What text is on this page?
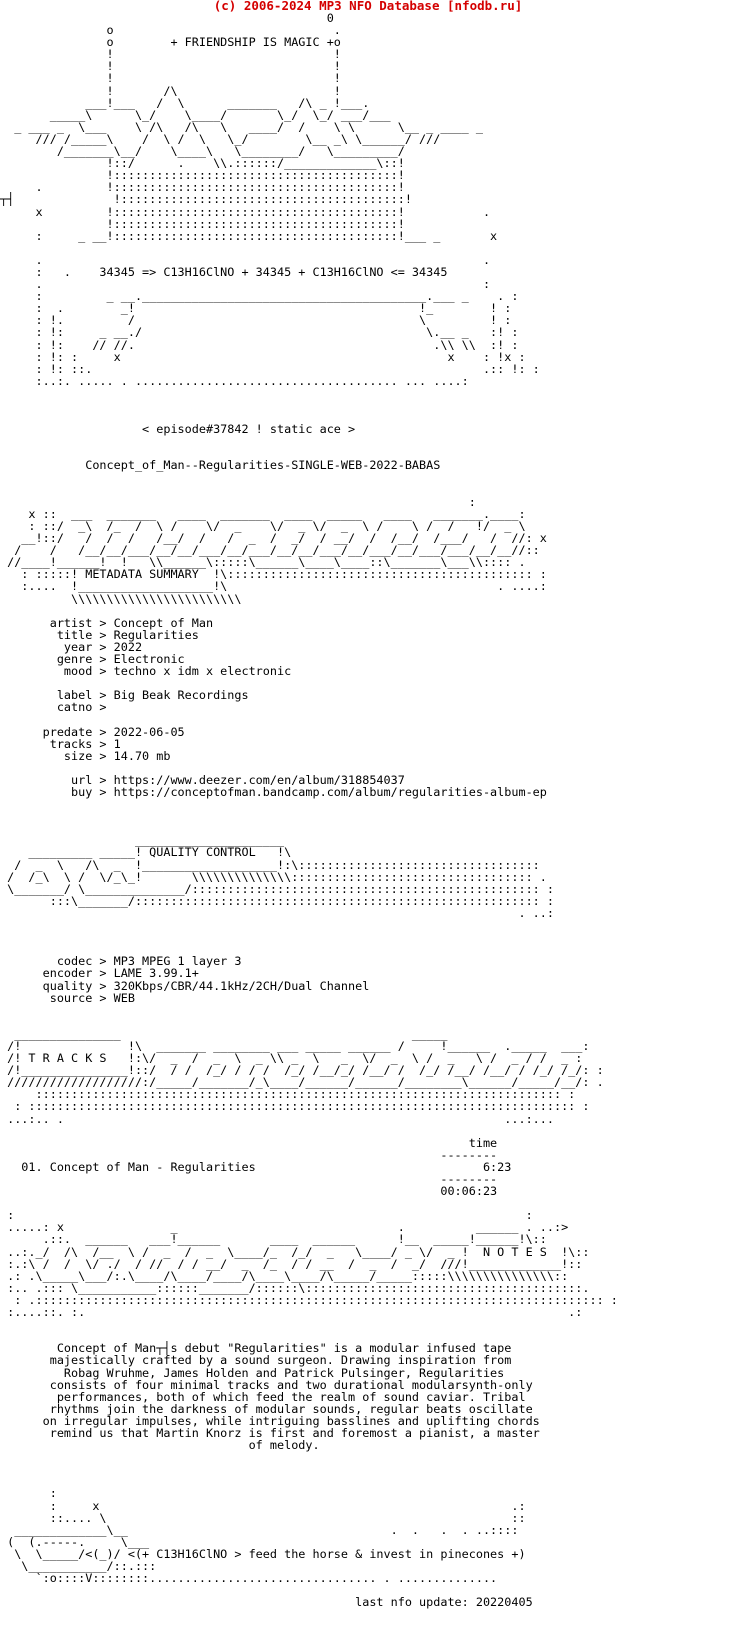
(c) 2006-2024 MP3 NFO Database [nfodb.ru]
0
o                               .
o        + FRIENDSHIP IS MAGIC +o
!                               !
!                               !
!                               !
!       /\                      !
___!___   /  \      _______   /\ _ !___.
_____\      \_/    \____/       \_/  \_/ ___/___
_ ___ _  \___    \ /\   /\   \   ____/  /    \ \      \__ _ ____ _
/// /_____\    /  \ /  \   \_/        \__ _\ \______/ ///
/_______\__/    \____\   \________/   \_________/
!::/      .    \\.::::::/_____________\::!
!::::::::::::::::::::::::::::::::::::::::!
.         !::::::::::::::::::::::::::::::::::::::::!
┬┤              !::::::::::::::::::::::::::::::::::::::::!
x         !::::::::::::::::::::::::::::::::::::::::!           .
!::::::::::::::::::::::::::::::::::::::::!
:     _ __!::::::::::::::::::::::::::::::::::::::::!___ _       x

.                                                              .
:   .    34345 => C13H16ClNO + 34345 + C13H16ClNO <= 34345
.                                                              :
:         _ __.________________________________________.___ _    . :
:  .        _!                                        !_        ! :
: !.         /                                        \         ! :
: !:     _ __./                                        \.__ _   :! :
: !:    // //.                                          .\\ \\  :! :
: !: :     x                                              x    : !x :
: !: ::.                                                       .:: !: :
:..:. ..... . ..................................... ... ....:

< episode#37842 ! static ace >

Concept_of_Man--Regularities-SINGLE-WEB-2022-BABAS

:
x ::  ___  _______   ____  _______  ____  _____   ____   _______.____:
: ::/  _\  /_  /  \ /    \/  _    \/  _ \/  _  \ /    \ /  /   !/  _ \
__!::/   /  /  /   /__/  /   /  _  /  _/  / __/  /  /__/  /___/   /  //: x
/    /   /__/__/___/__/__/___/__/___/__/__/___/__/___/__/___/___/__/__//::
//____!______!  !   \\______\:::::\______\____\____::\_______\___\\:::: .
: :::::! METADATA SUMMARY  !\::::::::::::::::::::::::::::::::::::::::::: :
:....  !___________________!\                                      . ....:
\\\\\\\\\\\\\\\\\\\\\\\\

artist > Concept of Man
title > Regularities
year > 2022
genre > Electronic
mood > techno x idm x electronic

label > Big Beak Recordings
catno >

predate > 2022-06-05
tracks > 1
size > 14.70 mb

url > https://www.deezer.com/en/album/318854037
buy > https://conceptofman.bandcamp.com/album/regularities-album-ep

_____________________
_________ _____! QUALITY CONTROL   !\
/  _  \   /\  _  !___________________!:\::::::::::::::::::::::::::::::::::
/  /_\  \ /  \/_\_!       \\\\\\\\\\\\\\:::::::::::::::::::::::::::::::::: .
\_______/ \______________/::::::::::::::::::::::::::::::::::::::::::::::::: :
:::\_______/::::::::::::::::::::::::::::::::::::::::::::::::::::::::: :
. ..:

codec > MP3 MPEG 1 layer 3
encoder > LAME 3.99.1+
quality > 320Kbps/CBR/44.1kHz/2CH/Dual Channel
source > WEB

_______________                                         _____
/!               !\  _______ ________ ___ _____ ______ /     !______  ._____  ___:
/! T R A C K S   !:\/  _  /  _  \  _ \\ _  \   _  \/  _  \ /  _   \ /  _ / /  _ :
/!_______________!::/  / /  /_/ / / /  /_/ /__/_/ /__/ /  /_/ /__/ /__/ / /_/ /_/: :
///////////////////:/_____/_______/_\____/______/______/________\______/_____/__/: .
:::::::::::::::::::::::::::::::::::::::::::::::::::::::::::::::::::::::::: :
: ::::::::::::::::::::::::::::::::::::::::::::::::::::::::::::::::::::::::::::: :
...:.. .                                                              ...:...

time
--------
01. Concept of Man - Regularities                                6:23
--------
00:06:23

:                                                                        :
.....: x               _                               .          ______ . ..:>
.::.  ______   ___!______       ____  ______      !__  _____!______!\::
..:._/  /\  /__  \ /  _  /  _  \____/_  /_/  _   \____/ _ \/  _ !  N O T E S  !\::
:.:\ /  /  \/ ./  / //  / / __/  _  /_  / / __  /  _  /  _/  ///!_____________!::
.: .\_____\___/:.\____/\____/____/\____\____/\_____/_____:::::\\\\\\\\\\\\\\\::
:.. .::: \___________::::::_______/::::::\:::::::::::::::::::::::::::::::::::::::.
: .:::::::::::::::::::::::::::::::::::::::::::::::::::::::::::::::::::::::::::::::: :
:....::. :.                                                                    .:

Concept of Man┬┤s debut "Regularities" is a modular infused tape
majestically crafted by a sound surgeon. Drawing inspiration from
Robag Wruhme, James Holden and Patrick Pulsinger, Regularities
consists of four minimal tracks and two durational modularsynth-only
performances, both of which feed the realm of sound caviar. Tribal
rhythms join the darkness of modular sounds, regular beats oscillate
on irregular impulses, while intriguing basslines and uplifting chords
remind us that Martin Knorz is first and foremost a pianist, a master
of melody.

:
:     x                                                          .:
::.... \                                                         ::
_____________\__                                     .  .   .  . ..::::
(  (.-----.     \___
\  \_____/<(_)/ <(+ C13H16ClNO > feed the horse & invest in pinecones +)
\___________/::.:::
`:o::::V::::::::................................ . ..............

last nfo update: 20220405
